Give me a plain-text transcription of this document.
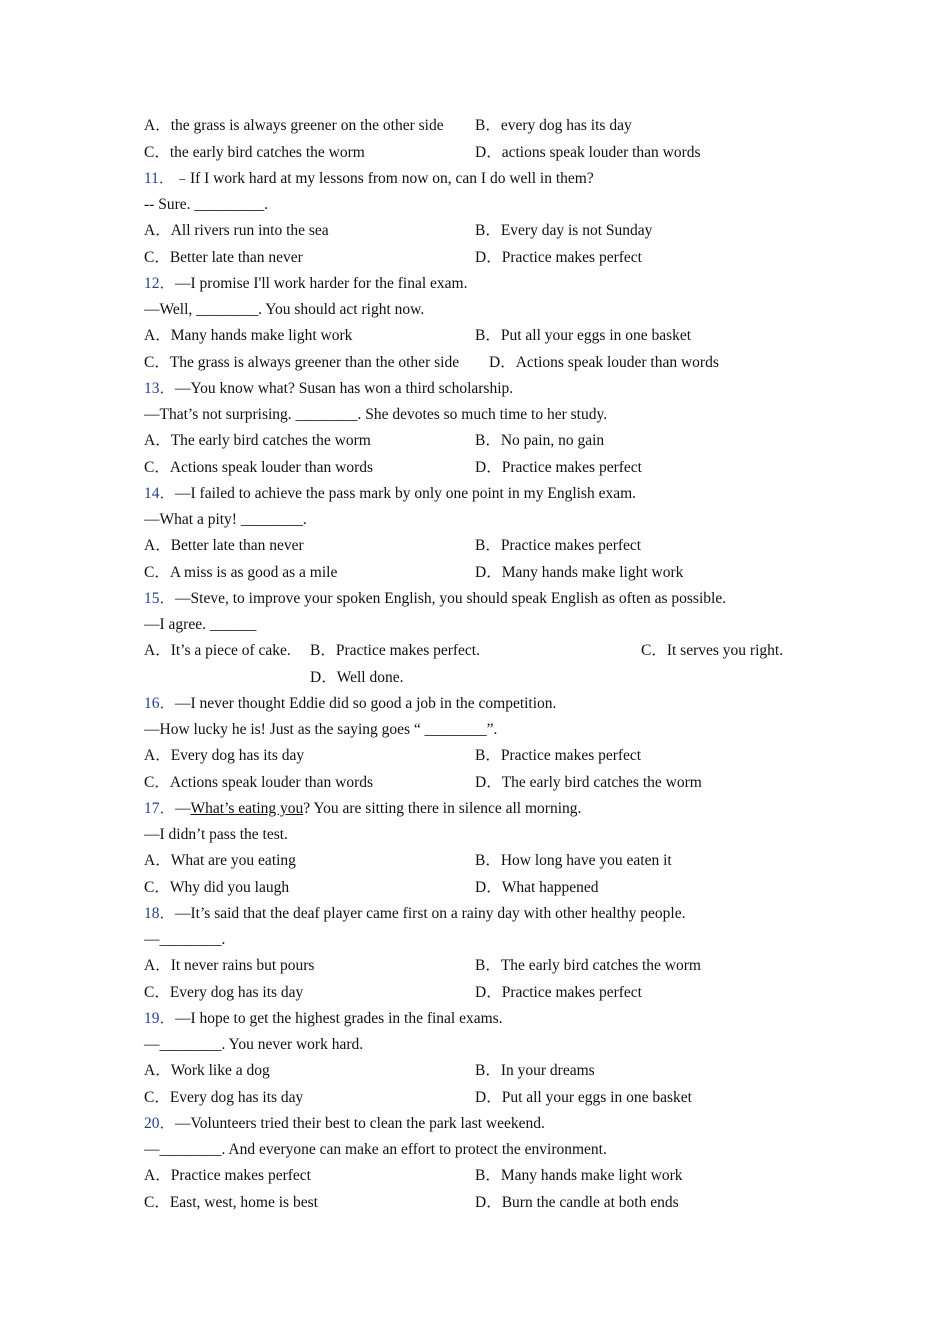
A．the grass is always greener on the other side B．every dog has its day
C．the early bird catches the worm	D．actions speak louder than words
11．﹣If I work hard at my lessons from now on, can I do well in them?
-- Sure. _________.
A．All rivers run into the sea	B．Every day is not Sunday
C．Better late than never	D．Practice makes perfect
12．—I promise I'll work harder for the final exam.
—Well, ________. You should act right now.
A．Many hands make light work	B．Put all your eggs in one basket
C．The grass is always greener than the other side D．Actions speak louder than words
13．—You know what? Susan has won a third scholarship.
—That’s not surprising. ________. She devotes so much time to her study.
A．The early bird catches the worm	B．No pain, no gain
C．Actions speak louder than words	D．Practice makes perfect
14．—I failed to achieve the pass mark by only one point in my English exam.
—What a pity! ________.
A．Better late than never	B．Practice makes perfect
C．A miss is as good as a mile	D．Many hands make light work
15．—Steve, to improve your spoken English, you should speak English as often as possible.
—I agree. ______
A．It’s a piece of cake. B．Practice makes perfect.	C．It serves you right.
D．Well done.
16．—I never thought Eddie did so good a job in the competition.
—How lucky he is! Just as the saying goes “ ________”.
A．Every dog has its day	B．Practice makes perfect
C．Actions speak louder than words	D．The early bird catches the worm
17．—What’s eating you? You are sitting there in silence all morning.
—I didn’t pass the test.
A．What are you eating	B．How long have you eaten it
C．Why did you laugh	D．What happened
18．—It’s said that the deaf player came first on a rainy day with other healthy people.
—________.
A．It never rains but pours	B．The early bird catches the worm
C．Every dog has its day	D．Practice makes perfect
19．—I hope to get the highest grades in the final exams.
—________. You never work hard.
A．Work like a dog	B．In your dreams
C．Every dog has its day	D．Put all your eggs in one basket
20．—Volunteers tried their best to clean the park last weekend.
—________. And everyone can make an effort to protect the environment.
A．Practice makes perfect	B．Many hands make light work
C．East, west, home is best	D．Burn the candle at both ends
